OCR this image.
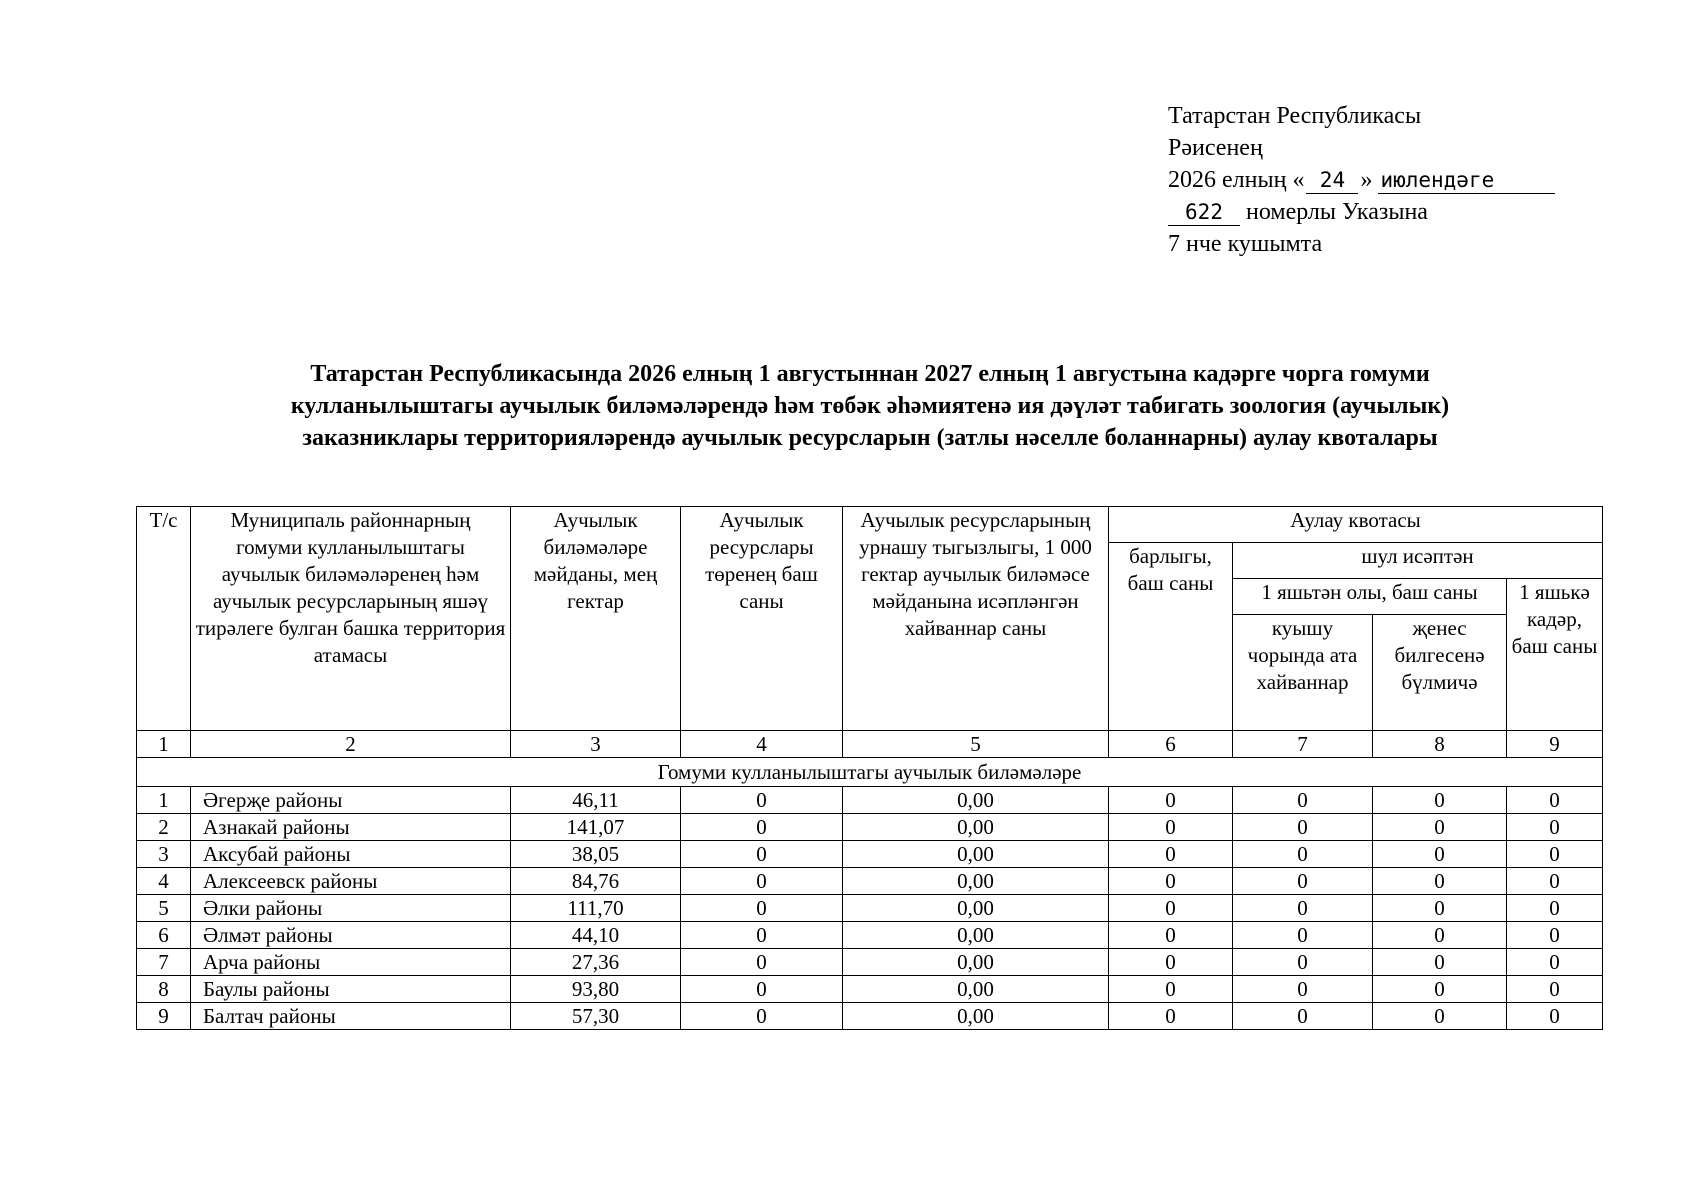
Татарстан Республикасы
Рәисенең
2026 елның « 24 » июлендәге
622 номерлы Указына
7 нче кушымта
Татарстан Республикасында 2026 елның 1 августыннан 2027 елның 1 августына кадәрге чорга гомуми
кулланылыштагы аучылык биләмәләрендә һәм төбәк әһәмиятенә ия дәүләт табигать зоология (аучылык)
заказниклары территорияләрендә аучылык ресурсларын (затлы нәселле боланнарны) аулау квоталары
Т/с	Муниципаль районнарның гомуми кулланылыштагы аучылык биләмәләренең һәм аучылык ресурсларының яшәү тирәлеге булган башка территория атамасы	Аучылык биләмәләре мәйданы, мең гектар	Аучылык ресурслары төренең баш саны	Аучылык ресурсларының урнашу тыгызлыгы, 1 000 гектар аучылык биләмәсе мәйданына исәпләнгән хайваннар саны	Аулау квотасы			
					барлыгы, баш саны	шул исәптән		
						1 яшьтән олы, баш саны		1 яшькә кадәр, баш саны
						куышу чорында ата хайваннар	җенес билгесенә бүлмичә	
1	2	3	4	5	6	7	8	9
Гомуми кулланылыштагы аучылык биләмәләре								
1	Әгерҗе районы	46,11	0	0,00	0	0	0	0
2	Азнакай районы	141,07	0	0,00	0	0	0	0
3	Аксубай районы	38,05	0	0,00	0	0	0	0
4	Алексеевск районы	84,76	0	0,00	0	0	0	0
5	Әлки районы	111,70	0	0,00	0	0	0	0
6	Әлмәт районы	44,10	0	0,00	0	0	0	0
7	Арча районы	27,36	0	0,00	0	0	0	0
8	Баулы районы	93,80	0	0,00	0	0	0	0
9	Балтач районы	57,30	0	0,00	0	0	0	0
